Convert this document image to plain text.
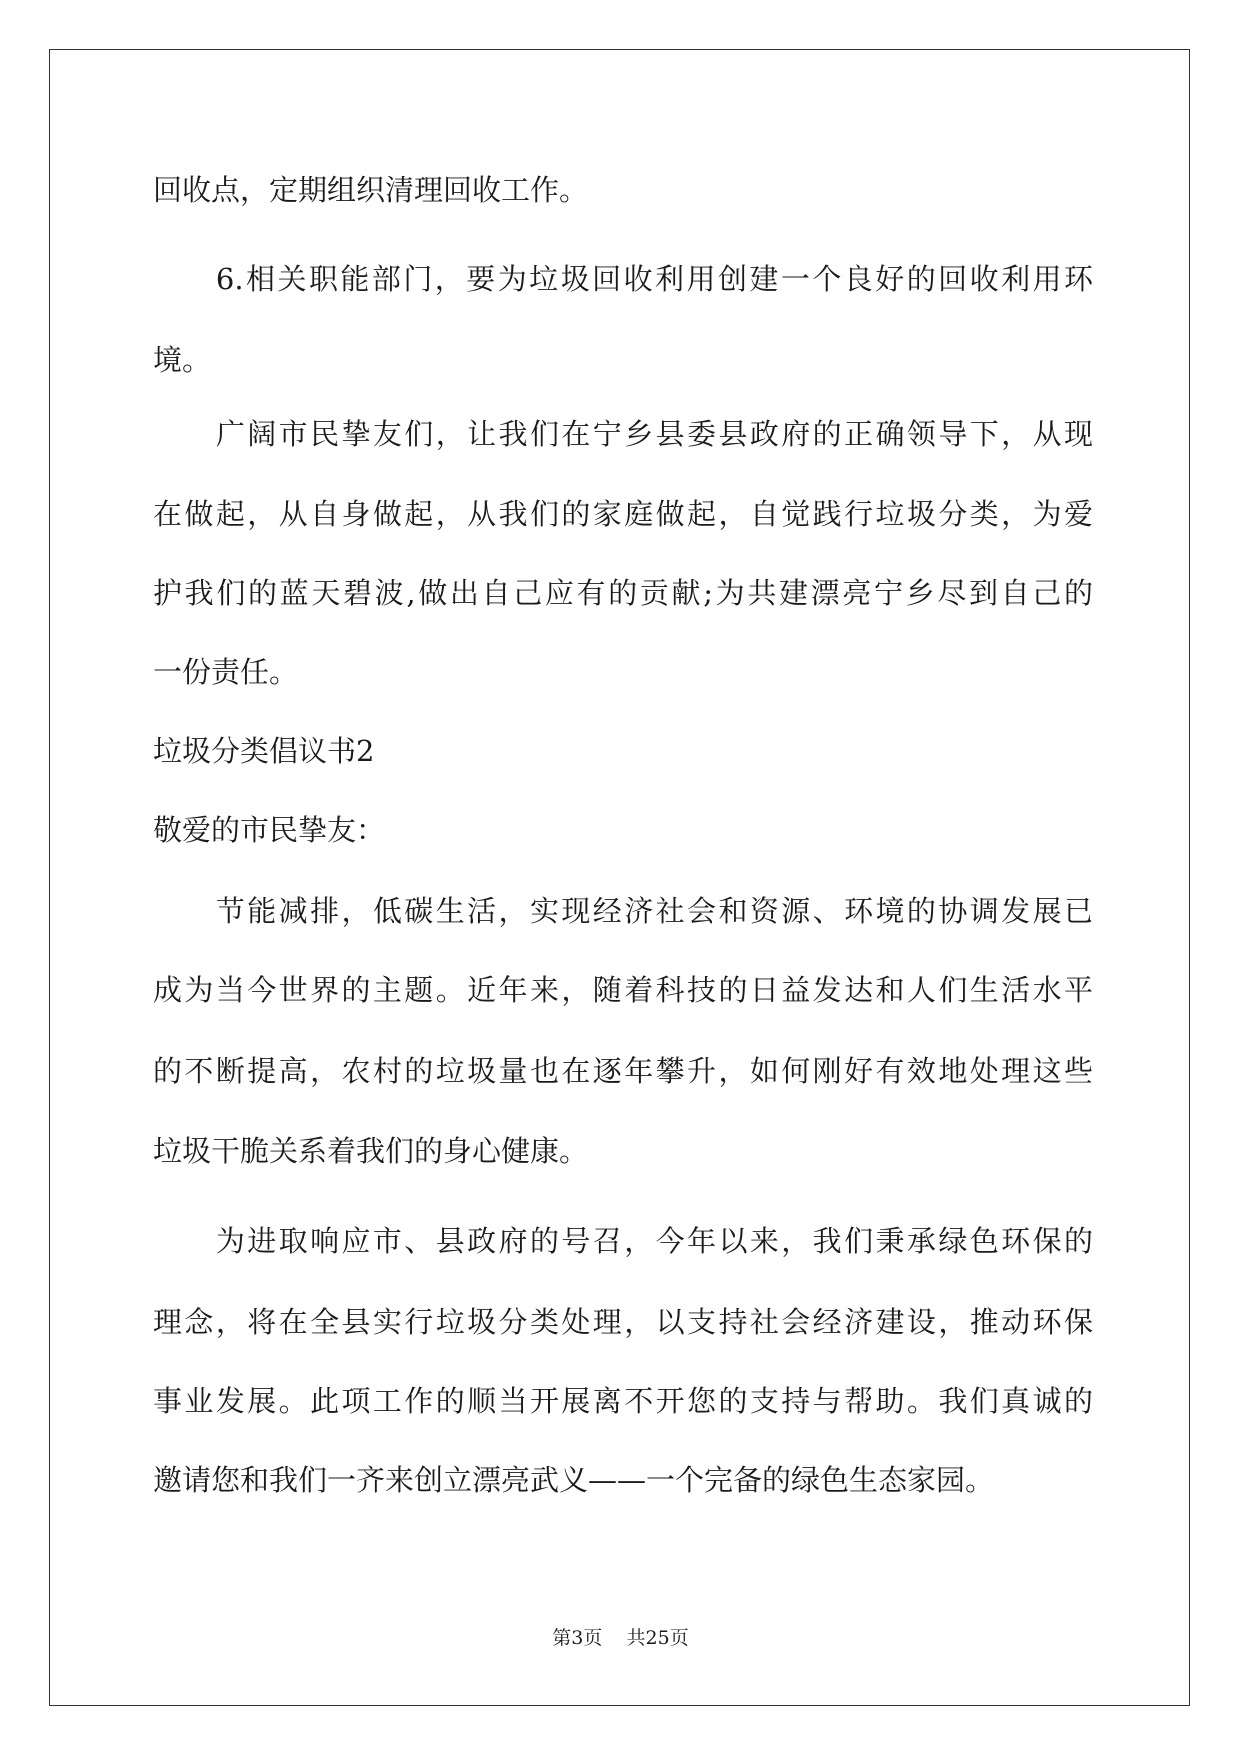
回收点，定期组织清理回收工作。
　　6.相关职能部门，要为垃圾回收利用创建一个良好的回收利用环
境。
　　广阔市民挚友们，让我们在宁乡县委县政府的正确领导下，从现
在做起，从自身做起，从我们的家庭做起，自觉践行垃圾分类，为爱
护我们的蓝天碧波,做出自己应有的贡献;为共建漂亮宁乡尽到自己的
一份责任。
垃圾分类倡议书2
敬爱的市民挚友：
　　节能减排，低碳生活，实现经济社会和资源、环境的协调发展已
成为当今世界的主题。近年来，随着科技的日益发达和人们生活水平
的不断提高，农村的垃圾量也在逐年攀升，如何刚好有效地处理这些
垃圾干脆关系着我们的身心健康。
　　为进取响应市、县政府的号召，今年以来，我们秉承绿色环保的
理念，将在全县实行垃圾分类处理，以支持社会经济建设，推动环保
事业发展。此项工作的顺当开展离不开您的支持与帮助。我们真诚的
邀请您和我们一齐来创立漂亮武义——一个完备的绿色生态家园。
第3页 共25页
